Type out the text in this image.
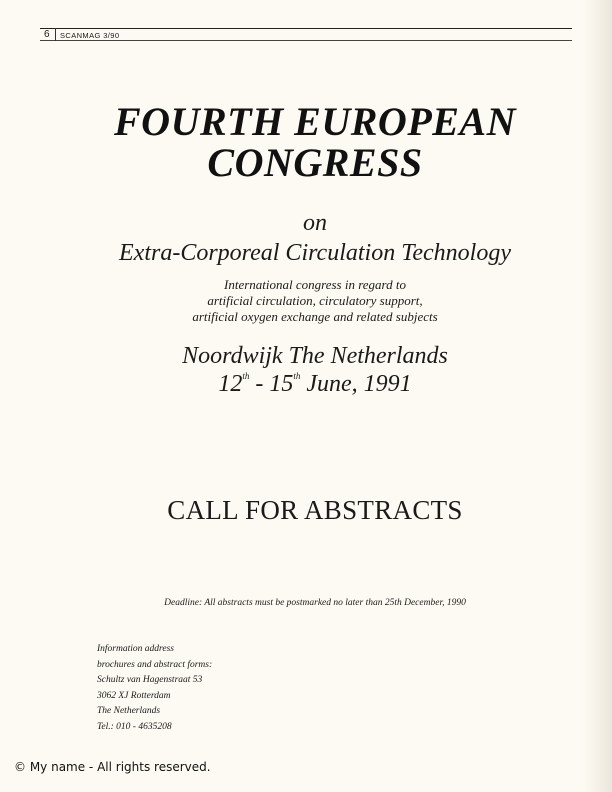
6 SCANMAG 3/90
FOURTH EUROPEAN
CONGRESS
on
Extra-Corporeal Circulation Technology
International congress in regard to
artificial circulation, circulatory support,
artificial oxygen exchange and related subjects
Noordwijk The Netherlands
12th - 15th June, 1991
CALL FOR ABSTRACTS
Deadline: All abstracts must be postmarked no later than 25th December, 1990
Information address
brochures and abstract forms:
Schultz van Hagenstraat 53
3062 XJ Rotterdam
The Netherlands
Tel.: 010 - 4635208
© My name - All rights reserved.
